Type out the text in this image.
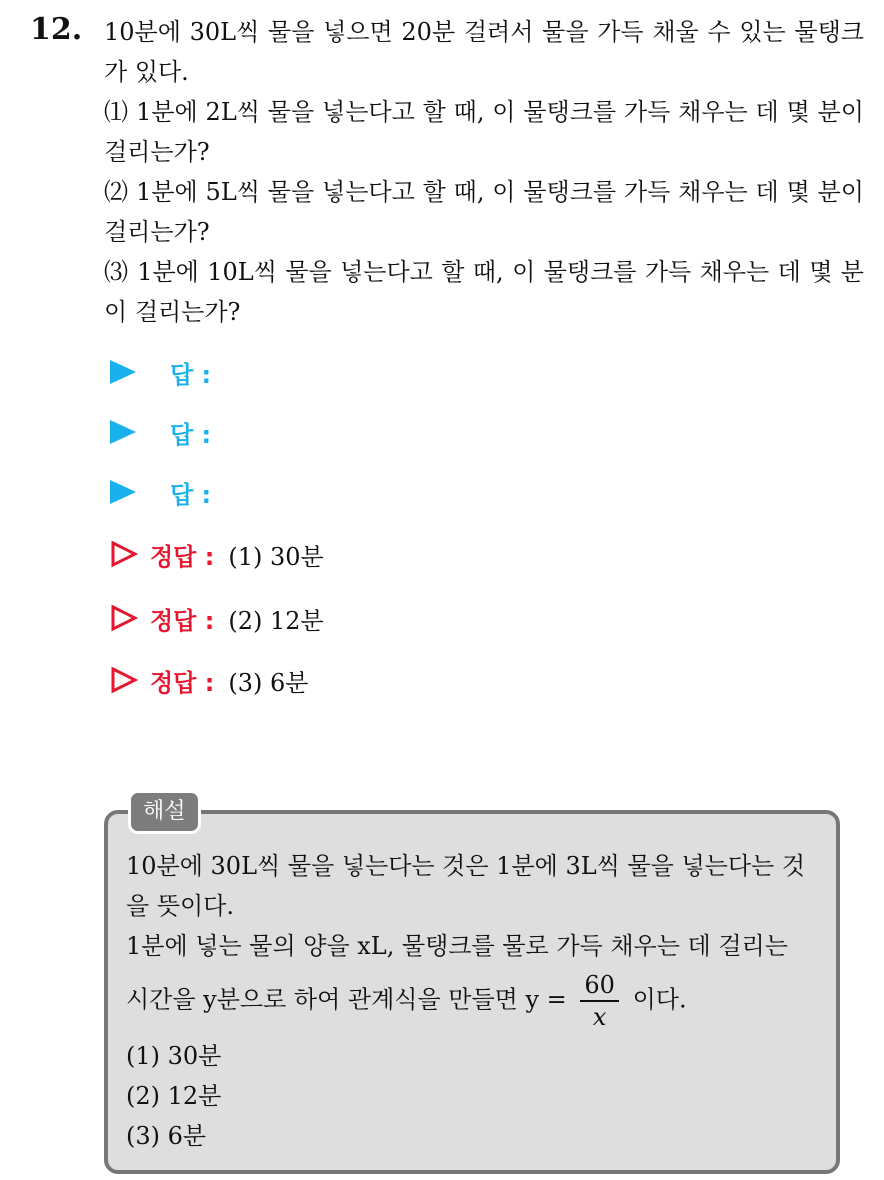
12. 10분에 30L씩 물을 넣으면 20분 걸려서 물을 가득 채울 수 있는 물탱크가 있다.

⑴ 1분에 2L씩 물을 넣는다고 할 때, 이 물탱크를 가득 채우는 데 몇 분이 걸리는가?

⑵ 1분에 5L씩 물을 넣는다고 할 때, 이 물탱크를 가득 채우는 데 몇 분이 걸리는가?

⑶ 1분에 10L씩 물을 넣는다고 할 때, 이 물탱크를 가득 채우는 데 몇 분이 걸리는가?

답 :
답 :
답 :
정답 : (1) 30분
정답 : (2) 12분
정답 : (3) 6분
해설

10분에 30L씩 물을 넣는다는 것은 1분에 3L씩 물을 넣는다는 것을 뜻이다.

1분에 넣는 물의 양을 xL, 물탱크를 물로 가득 채우는 데 걸리는

시간을 y분으로 하여 관계식을 만들면 $y = \frac{60}{x}$ 이다.

(1) 30분

(2) 12분

(3) 6분
